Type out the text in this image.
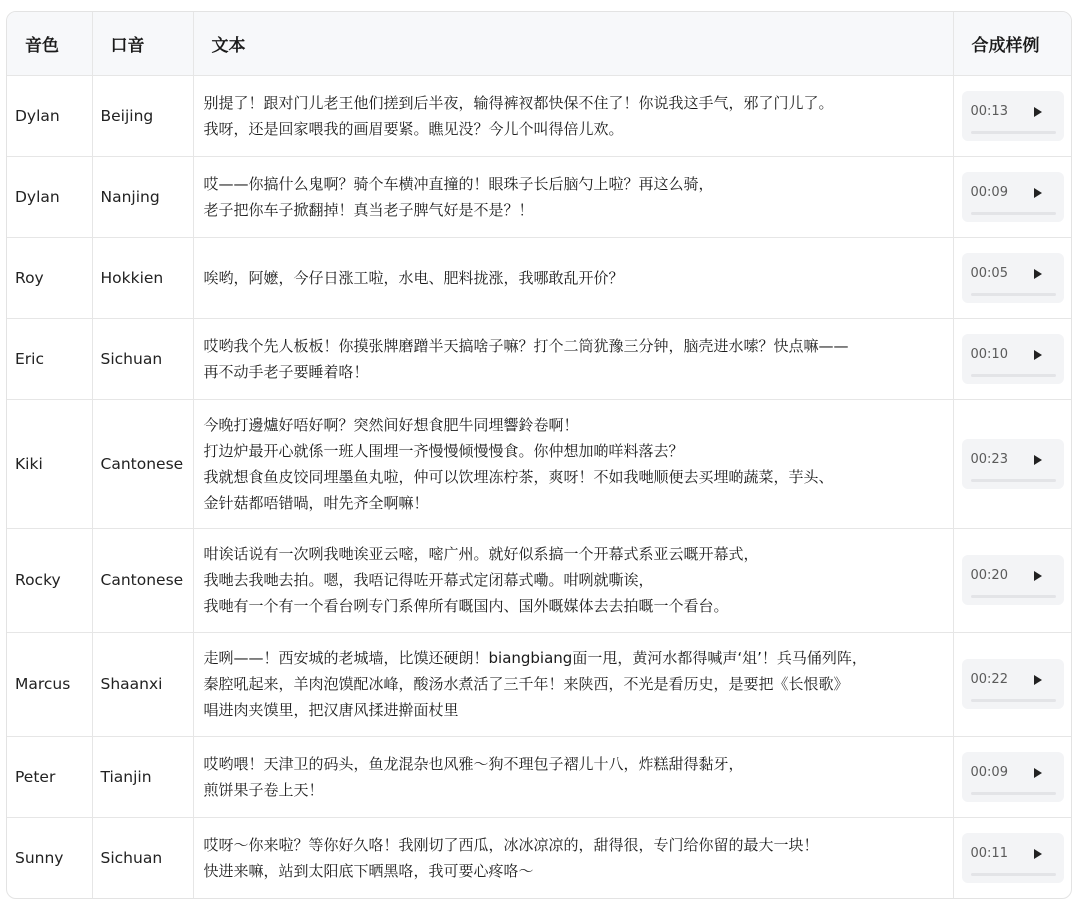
音色	口音	文本	合成样例
Dylan	Beijing	别提了！跟对门儿老王他们搓到后半夜，输得裤衩都快保不住了！你说我这手气，邪了门儿了。
我呀，还是回家喂我的画眉要紧。瞧见没？今儿个叫得倍儿欢。	00:13

Dylan	Nanjing	哎——你搞什么鬼啊？骑个车横冲直撞的！眼珠子长后脑勺上啦？再这么骑，
老子把你车子掀翻掉！真当老子脾气好是不是？！	00:09

Roy	Hokkien	唉哟，阿嬷，今仔日涨工啦，水电、肥料拢涨，我哪敢乱开价？	00:05

Eric	Sichuan	哎哟我个先人板板！你摸张牌磨蹭半天搞啥子嘛？打个二筒犹豫三分钟，脑壳进水嗦？快点嘛——
再不动手老子要睡着咯！	00:10

Kiki	Cantonese	今晚打邊爐好唔好啊？突然间好想食肥牛同埋響鈴卷啊！
打边炉最开心就係一班人围埋一齐慢慢倾慢慢食。你仲想加啲咩料落去？
我就想食鱼皮饺同埋墨鱼丸啦，仲可以饮埋冻柠茶，爽呀！不如我哋顺便去买埋啲蔬菜，芋头、
金针菇都唔错喎，咁先齐全啊嘛！	00:23

Rocky	Cantonese	咁诶话说有一次咧我哋诶亚云嘧，嘧广州。就好似系搞一个开幕式系亚云嘅开幕式，
我哋去我哋去拍。嗯，我唔记得咗开幕式定闭幕式嘞。咁咧就嘶诶，
我哋有一个有一个看台咧专门系俾所有嘅国内、国外嘅媒体去去拍嘅一个看台。	00:20

Marcus	Shaanxi	走咧——！西安城的老城墙，比馍还硬朗！biangbiang面一甩，黄河水都得喊声‘俎’！兵马俑列阵，
秦腔吼起来，羊肉泡馍配冰峰，酸汤水煮活了三千年！来陕西，不光是看历史，是要把《长恨歌》
唱进肉夹馍里，把汉唐风揉进擀面杖里	00:22

Peter	Tianjin	哎哟喂！天津卫的码头，鱼龙混杂也风雅～狗不理包子褶儿十八，炸糕甜得黏牙，
煎饼果子卷上天！	00:09

Sunny	Sichuan	哎呀～你来啦？等你好久咯！我刚切了西瓜，冰冰凉凉的，甜得很，专门给你留的最大一块！
快进来嘛，站到太阳底下晒黑咯，我可要心疼咯～	00:11
